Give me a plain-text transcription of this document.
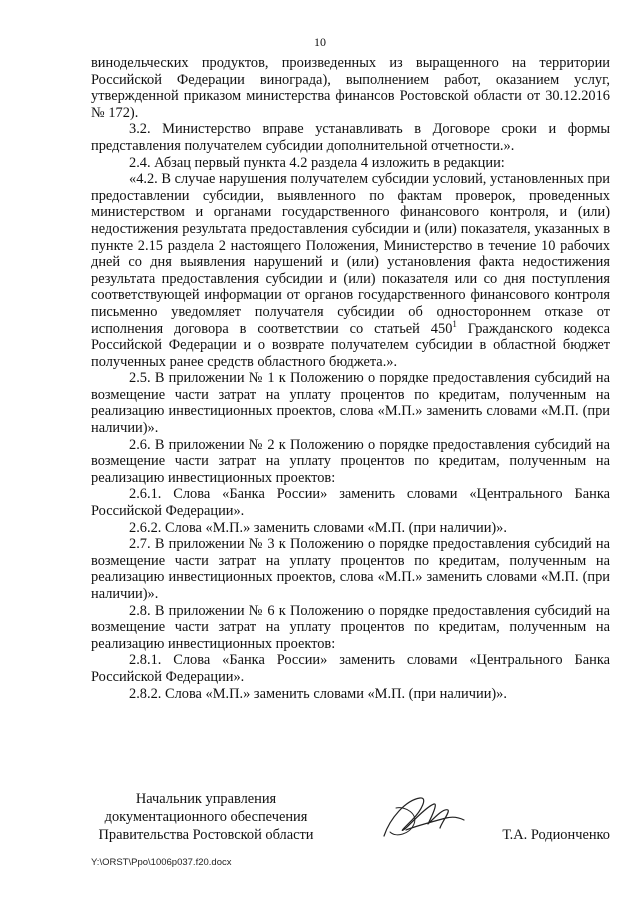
10

винодельческих продуктов, произведенных из выращенного на территории Российской Федерации винограда), выполнением работ, оказанием услуг, утвержденной приказом министерства финансов Ростовской области от 30.12.2016 № 172).

3.2. Министерство вправе устанавливать в Договоре сроки и формы представления получателем субсидии дополнительной отчетности.».

2.4. Абзац первый пункта 4.2 раздела 4 изложить в редакции:

«4.2. В случае нарушения получателем субсидии условий, установленных при предоставлении субсидии, выявленного по фактам проверок, проведенных министерством и органами государственного финансового контроля, и (или) недостижения результата предоставления субсидии и (или) показателя, указанных в пункте 2.15 раздела 2 настоящего Положения, Министерство в течение 10 рабочих дней со дня выявления нарушений и (или) установления факта недостижения результата предоставления субсидии и (или) показателя или со дня поступления соответствующей информации от органов государственного финансового контроля письменно уведомляет получателя субсидии об одностороннем отказе от исполнения договора в соответствии со статьей $450^1$ Гражданского кодекса Российской Федерации и о возврате получателем субсидии в областной бюджет полученных ранее средств областного бюджета.».

2.5. В приложении № 1 к Положению о порядке предоставления субсидий на возмещение части затрат на уплату процентов по кредитам, полученным на реализацию инвестиционных проектов, слова «М.П.» заменить словами «М.П. (при наличии)».

2.6. В приложении № 2 к Положению о порядке предоставления субсидий на возмещение части затрат на уплату процентов по кредитам, полученным на реализацию инвестиционных проектов:

2.6.1. Слова «Банка России» заменить словами «Центрального Банка Российской Федерации».

2.6.2. Слова «М.П.» заменить словами «М.П. (при наличии)».

2.7. В приложении № 3 к Положению о порядке предоставления субсидий на возмещение части затрат на уплату процентов по кредитам, полученным на реализацию инвестиционных проектов, слова «М.П.» заменить словами «М.П. (при наличии)».

2.8. В приложении № 6 к Положению о порядке предоставления субсидий на возмещение части затрат на уплату процентов по кредитам, полученным на реализацию инвестиционных проектов:

2.8.1. Слова «Банка России» заменить словами «Центрального Банка Российской Федерации».

2.8.2. Слова «М.П.» заменить словами «М.П. (при наличии)».

Начальник управления
документационного обеспечения
Правительства Ростовской области	Т.А. Родионченко
Y:\ORST\Ppo\1006p037.f20.docx
